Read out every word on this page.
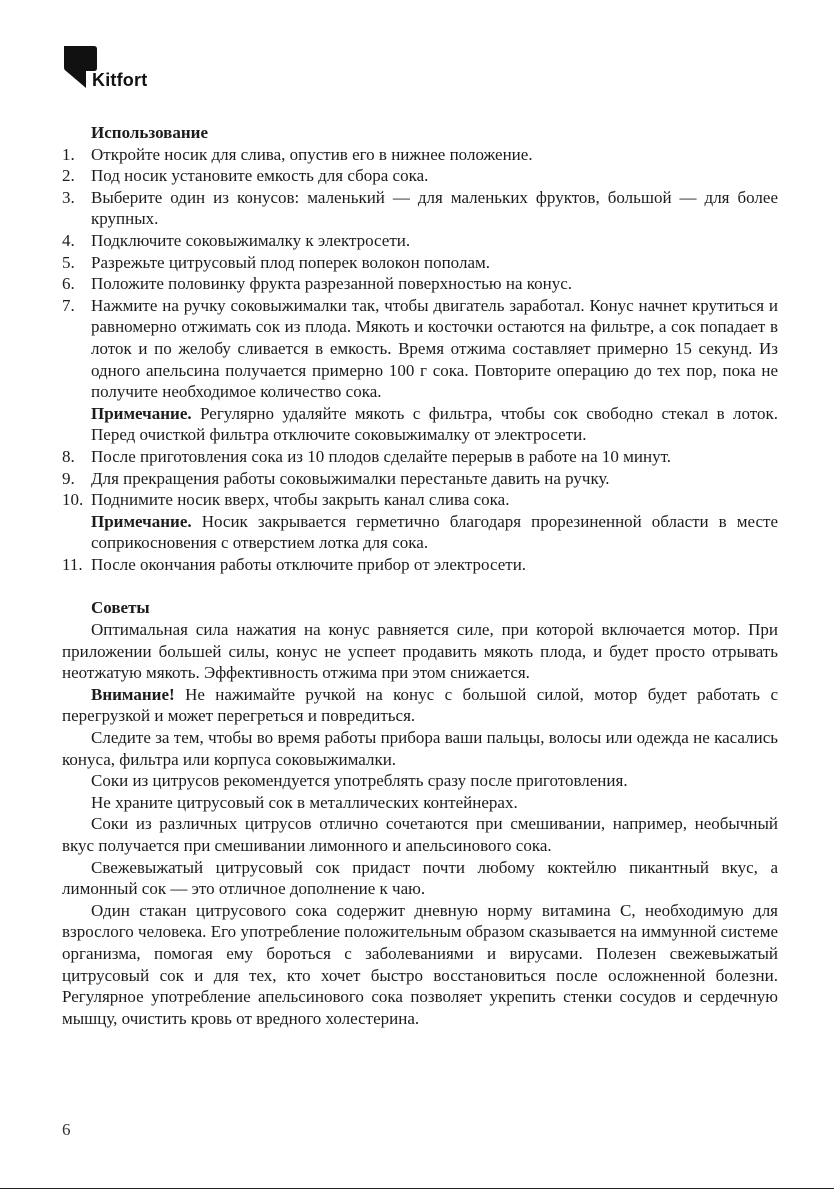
Kitfort

Использование

1. Откройте носик для слива, опустив его в нижнее положение.
2. Под носик установите емкость для сбора сока.
3. Выберите один из конусов: маленький — для маленьких фруктов, большой — для более крупных.
4. Подключите соковыжималку к электросети.
5. Разрежьте цитрусовый плод поперек волокон пополам.
6. Положите половинку фрукта разрезанной поверхностью на конус.
7. Нажмите на ручку соковыжималки так, чтобы двигатель заработал. Конус начнет крутиться и равномерно отжимать сок из плода. Мякоть и косточки остаются на фильтре, а сок попадает в лоток и по желобу сливается в емкость. Время отжима составляет примерно 15 секунд. Из одного апельсина получается примерно 100 г сока. Повторите операцию до тех пор, пока не получите необходимое количество сока.
Примечание. Регулярно удаляйте мякоть с фильтра, чтобы сок свободно стекал в лоток. Перед очисткой фильтра отключите соковыжималку от электросети.
8. После приготовления сока из 10 плодов сделайте перерыв в работе на 10 минут.
9. Для прекращения работы соковыжималки перестаньте давить на ручку.
10. Поднимите носик вверх, чтобы закрыть канал слива сока.
Примечание. Носик закрывается герметично благодаря прорезиненной области в месте соприкосновения с отверстием лотка для сока.
11. После окончания работы отключите прибор от электросети.

Советы

Оптимальная сила нажатия на конус равняется силе, при которой включается мотор. При приложении большей силы, конус не успеет продавить мякоть плода, и будет просто отрывать неотжатую мякоть. Эффективность отжима при этом снижается.

Внимание! Не нажимайте ручкой на конус с большой силой, мотор будет работать с перегрузкой и может перегреться и повредиться.

Следите за тем, чтобы во время работы прибора ваши пальцы, волосы или одежда не касались конуса, фильтра или корпуса соковыжималки.

Соки из цитрусов рекомендуется употреблять сразу после приготовления.

Не храните цитрусовый сок в металлических контейнерах.

Соки из различных цитрусов отлично сочетаются при смешивании, например, необычный вкус получается при смешивании лимонного и апельсинового сока.

Свежевыжатый цитрусовый сок придаст почти любому коктейлю пикантный вкус, а лимонный сок — это отличное дополнение к чаю.

Один стакан цитрусового сока содержит дневную норму витамина С, необходимую для взрослого человека. Его употребление положительным образом сказывается на иммунной системе организма, помогая ему бороться с заболеваниями и вирусами. Полезен свежевыжатый цитрусовый сок и для тех, кто хочет быстро восстановиться после осложненной болезни. Регулярное употребление апельсинового сока позволяет укрепить стенки сосудов и сердечную мышцу, очистить кровь от вредного холестерина.

6
